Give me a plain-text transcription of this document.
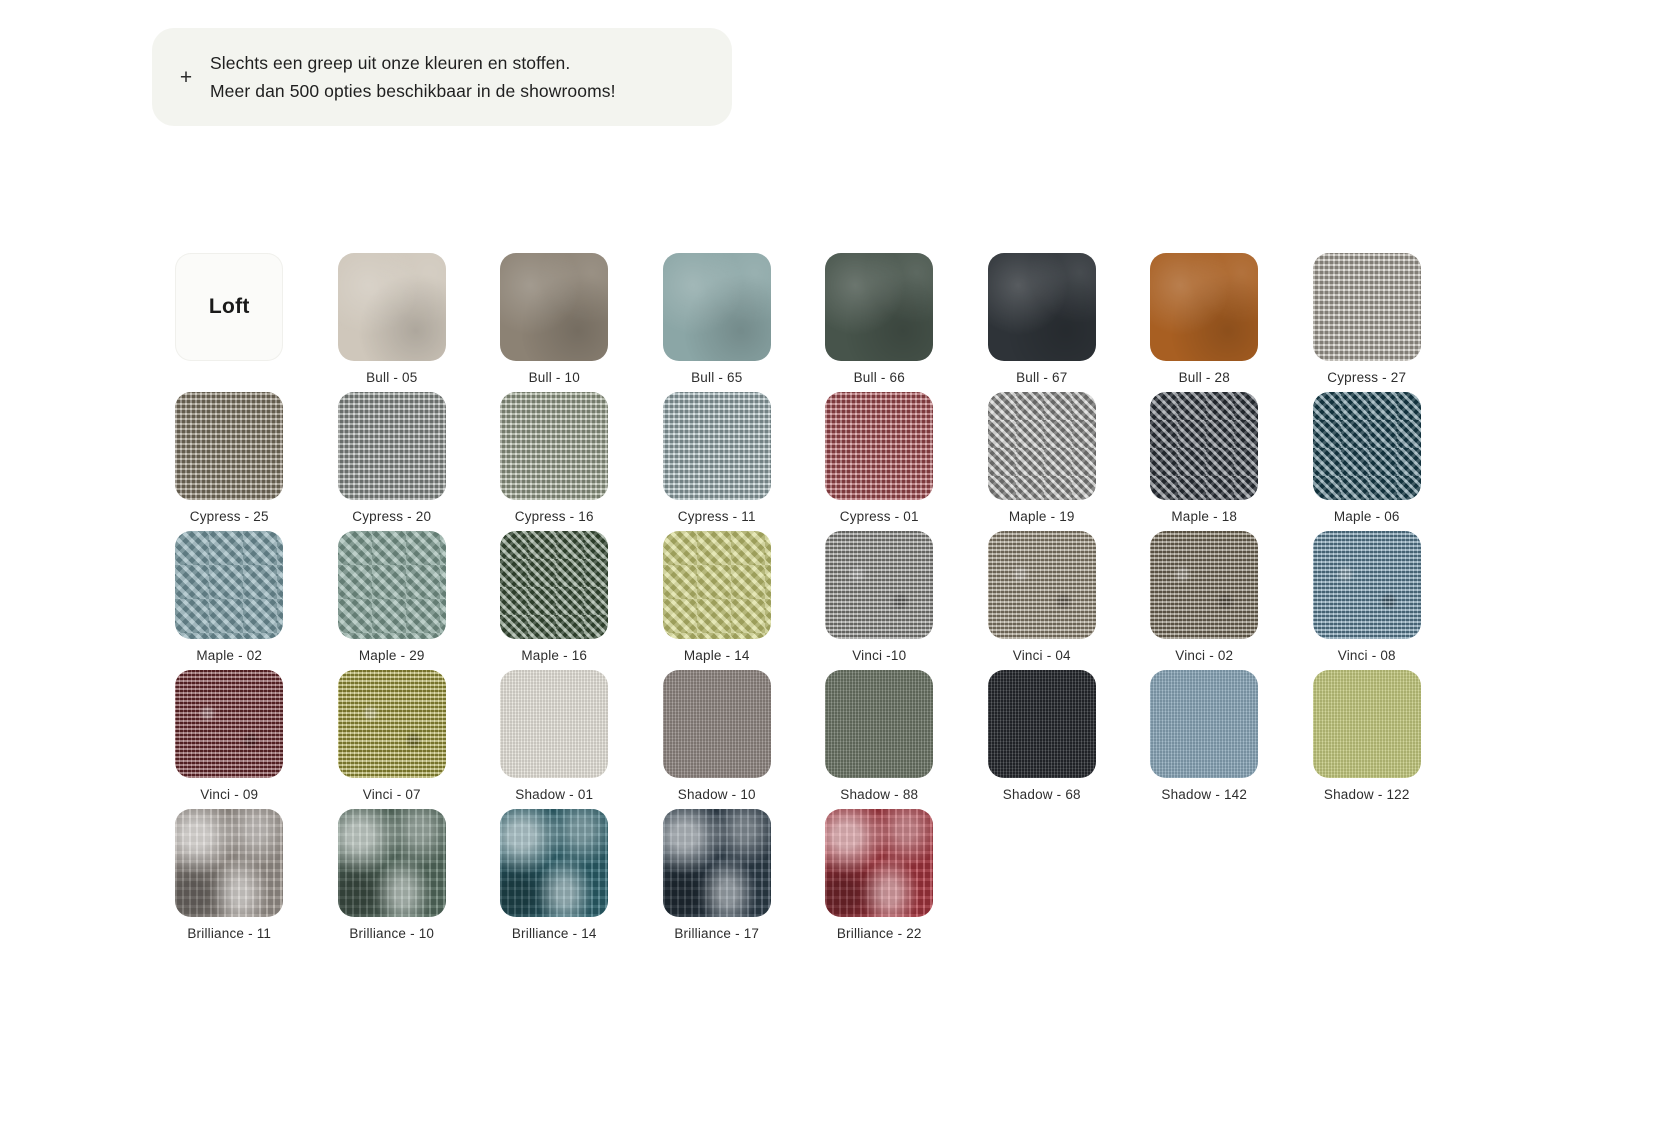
+
Slechts een greep uit onze kleuren en stoffen.
Meer dan 500 opties beschikbaar in de showrooms!
Loft
Bull - 05	Bull - 10	Bull - 65	Bull - 66	Bull - 67	Bull - 28	Cypress - 27
Cypress - 25	Cypress - 20	Cypress - 16	Cypress - 11	Cypress - 01	Maple - 19	Maple - 18	Maple - 06
Maple - 02	Maple - 29	Maple - 16	Maple - 14	Vinci -10	Vinci - 04	Vinci - 02	Vinci - 08
Vinci - 09	Vinci - 07	Shadow - 01	Shadow - 10	Shadow - 88	Shadow - 68	Shadow - 142	Shadow - 122
Brilliance - 11	Brilliance - 10	Brilliance - 14	Brilliance - 17	Brilliance - 22
